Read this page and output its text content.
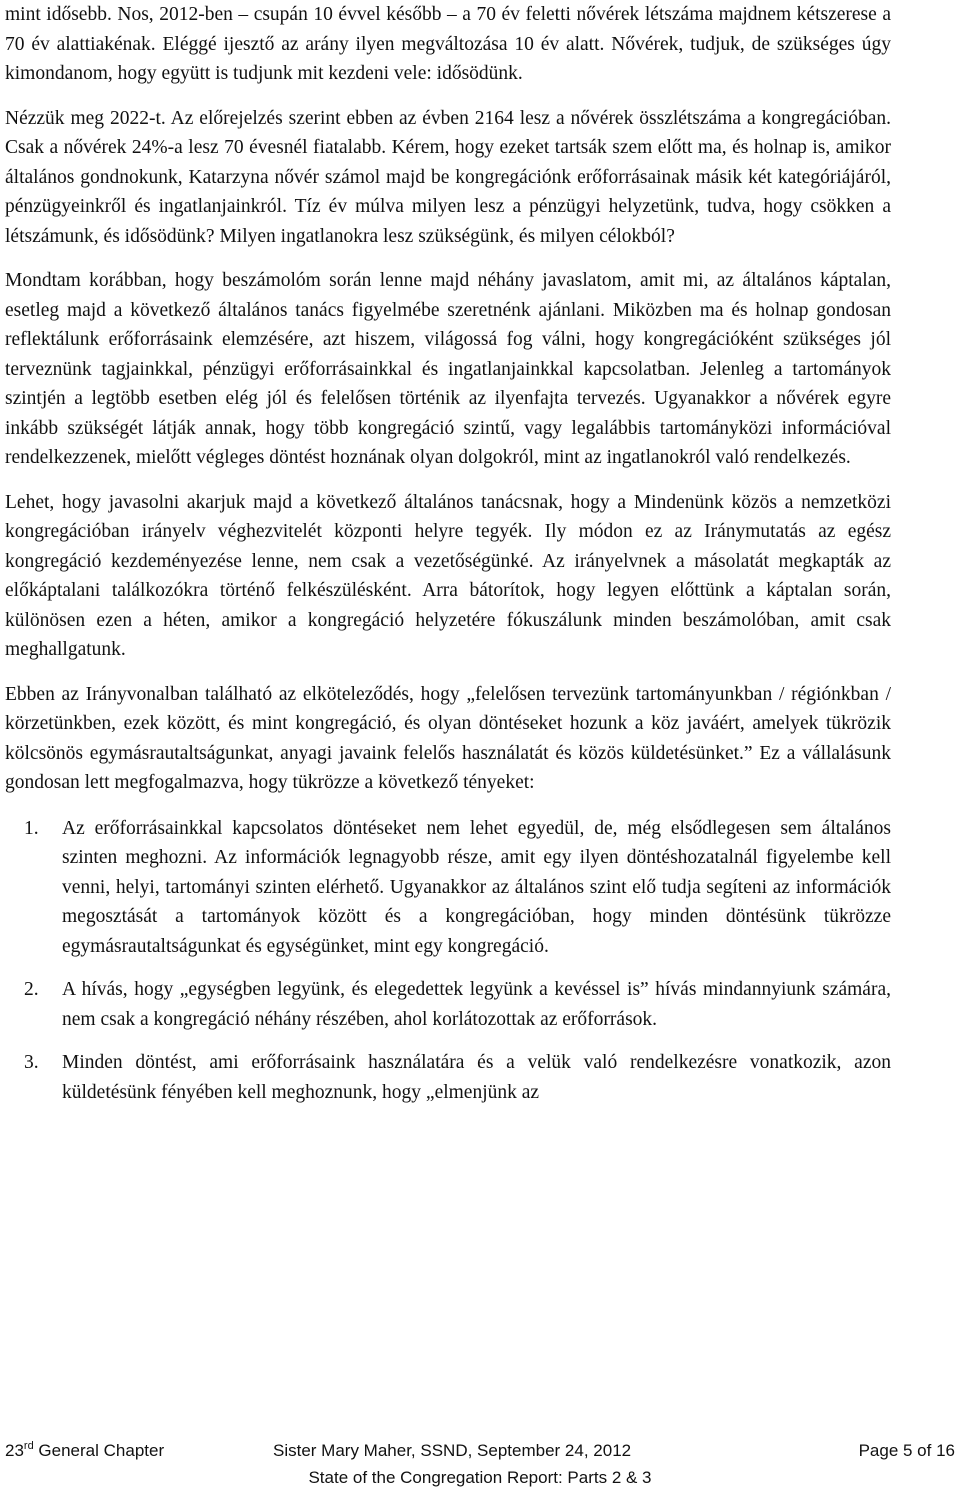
mint idősebb. Nos, 2012-ben – csupán 10 évvel később – a 70 év feletti nővérek létszáma majdnem kétszerese a 70 év alattiakénak. Eléggé ijesztő az arány ilyen megváltozása 10 év alatt. Nővérek, tudjuk, de szükséges úgy kimondanom, hogy együtt is tudjunk mit kezdeni vele: idősödünk.

Nézzük meg 2022-t. Az előrejelzés szerint ebben az évben 2164 lesz a nővérek összlétszáma a kongregációban. Csak a nővérek 24%-a lesz 70 évesnél fiatalabb. Kérem, hogy ezeket tartsák szem előtt ma, és holnap is, amikor általános gondnokunk, Katarzyna nővér számol majd be kongregációnk erőforrásainak másik két kategóriájáról, pénzügyeinkről és ingatlanjainkról. Tíz év múlva milyen lesz a pénzügyi helyzetünk, tudva, hogy csökken a létszámunk, és idősödünk? Milyen ingatlanokra lesz szükségünk, és milyen célokból?

Mondtam korábban, hogy beszámolóm során lenne majd néhány javaslatom, amit mi, az általános káptalan, esetleg majd a következő általános tanács figyelmébe szeretnénk ajánlani. Miközben ma és holnap gondosan reflektálunk erőforrásaink elemzésére, azt hiszem, világossá fog válni, hogy kongregációként szükséges jól terveznünk tagjainkkal, pénzügyi erőforrásainkkal és ingatlanjainkkal kapcsolatban. Jelenleg a tartományok szintjén a legtöbb esetben elég jól és felelősen történik az ilyenfajta tervezés. Ugyanakkor a nővérek egyre inkább szükségét látják annak, hogy több kongregáció szintű, vagy legalábbis tartományközi információval rendelkezzenek, mielőtt végleges döntést hoznának olyan dolgokról, mint az ingatlanokról való rendelkezés.

Lehet, hogy javasolni akarjuk majd a következő általános tanácsnak, hogy a Mindenünk közös a nemzetközi kongregációban irányelv véghezvitelét központi helyre tegyék. Ily módon ez az Iránymutatás az egész kongregáció kezdeményezése lenne, nem csak a vezetőségünké. Az irányelvnek a másolatát megkapták az előkáptalani találkozókra történő felkészülésként. Arra bátorítok, hogy legyen előttünk a káptalan során, különösen ezen a héten, amikor a kongregáció helyzetére fókuszálunk minden beszámolóban, amit csak meghallgatunk.

Ebben az Irányvonalban található az elköteleződés, hogy „felelősen tervezünk tartományunkban / régiónkban / körzetünkben, ezek között, és mint kongregáció, és olyan döntéseket hozunk a köz javáért, amelyek tükrözik kölcsönös egymásrautaltságunkat, anyagi javaink felelős használatát és közös küldetésünket.” Ez a vállalásunk gondosan lett megfogalmazva, hogy tükrözze a következő tényeket:

1. Az erőforrásainkkal kapcsolatos döntéseket nem lehet egyedül, de, még elsődlegesen sem általános szinten meghozni. Az információk legnagyobb része, amit egy ilyen döntéshozatalnál figyelembe kell venni, helyi, tartományi szinten elérhető. Ugyanakkor az általános szint elő tudja segíteni az információk megosztását a tartományok között és a kongregációban, hogy minden döntésünk tükrözze egymásrautaltságunkat és egységünket, mint egy kongregáció.
2. A hívás, hogy „egységben legyünk, és elegedettek legyünk a kevéssel is” hívás mindannyiunk számára, nem csak a kongregáció néhány részében, ahol korlátozottak az erőforrások.
3. Minden döntést, ami erőforrásaink használatára és a velük való rendelkezésre vonatkozik, azon küldetésünk fényében kell meghoznunk, hogy „elmenjünk az
23rd General Chapter	Sister Mary Maher, SSND, September 24, 2012	Page 5 of 16
State of the Congregation Report: Parts 2 & 3
